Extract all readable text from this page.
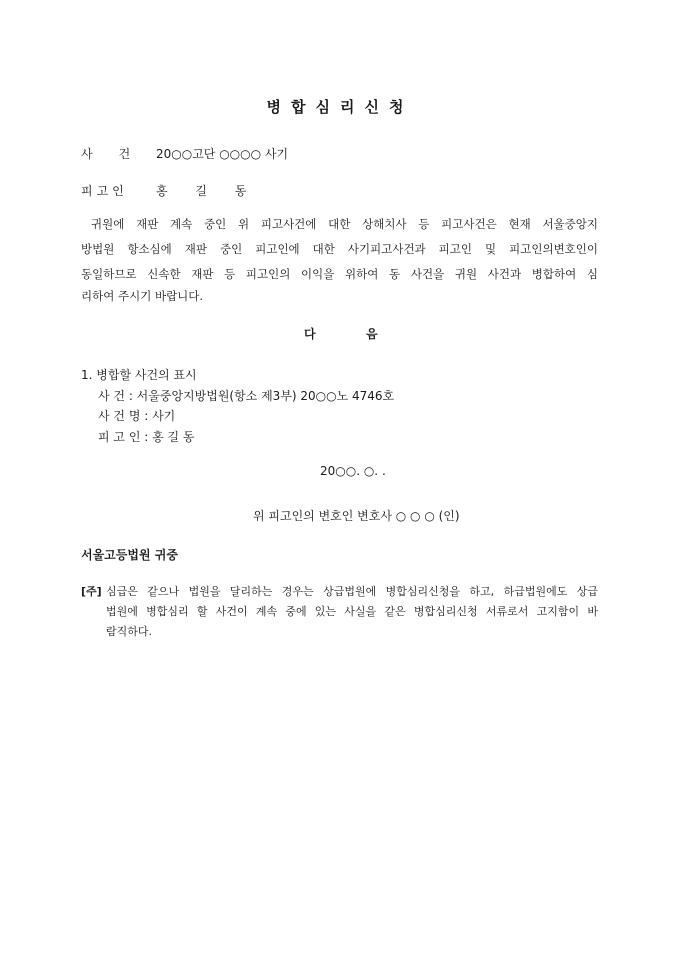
병합심리신청
사 건 20○○고단 ○○○○ 사기
피고인 홍 길 동
귀원에 재판 계속 중인 위 피고사건에 대한 상해치사 등 피고사건은 현재 서울중앙지
방법원 항소심에 재판 중인 피고인에 대한 사기피고사건과 피고인 및 피고인의변호인이
동일하므로 신속한 재판 등 피고인의 이익을 위하여 동 사건을 귀원 사건과 병합하여 심
리하여 주시기 바랍니다.
다	음
1. 병합할 사건의 표시
사 건 : 서울중앙지방법원(항소 제3부) 20○○노 4746호
사 건 명 : 사기
피 고 인 : 홍 길 동
20○○. ○. .
위 피고인의 변호인 변호사 ○ ○ ○ (인)
서울고등법원 귀중
[주] 심급은 같으나 법원을 달리하는 경우는 상급법원에 병합심리신청을 하고, 하급법원에도 상급
법원에 병합심리 할 사건이 계속 중에 있는 사실을 같은 병합심리신청 서류로서 고지함이 바
람직하다.
